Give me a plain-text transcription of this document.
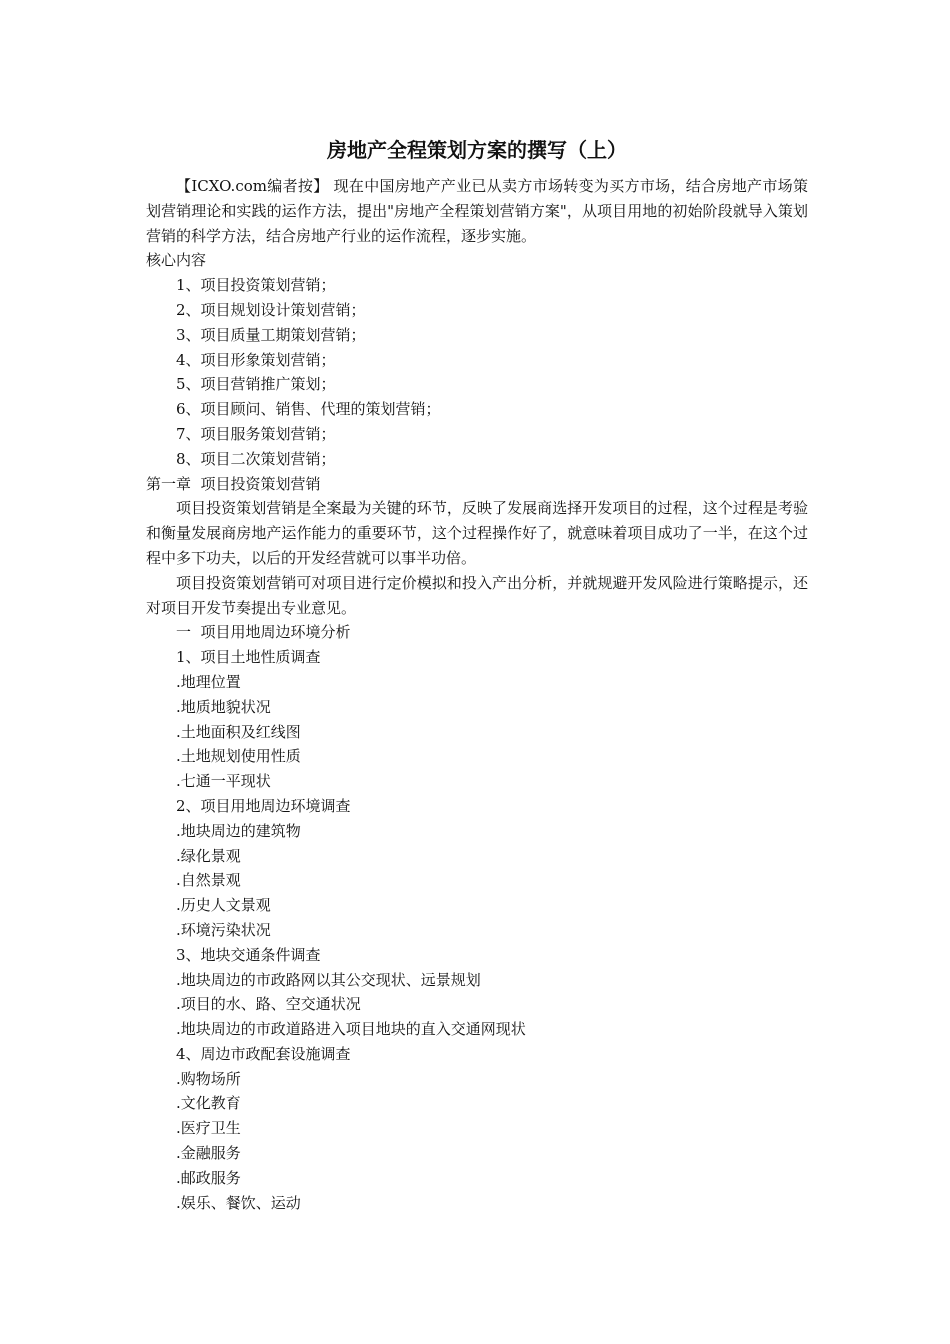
房地产全程策划方案的撰写（上）

【ICXO.com编者按】 现在中国房地产产业已从卖方市场转变为买方市场，结合房地产市场策划营销理论和实践的运作方法，提出"房地产全程策划营销方案"，从项目用地的初始阶段就导入策划营销的科学方法，结合房地产行业的运作流程，逐步实施。

核心内容

1、项目投资策划营销；

2、项目规划设计策划营销；

3、项目质量工期策划营销；

4、项目形象策划营销；

5、项目营销推广策划；

6、项目顾问、销售、代理的策划营销；

7、项目服务策划营销；

8、项目二次策划营销；

第一章  项目投资策划营销

项目投资策划营销是全案最为关键的环节，反映了发展商选择开发项目的过程，这个过程是考验和衡量发展商房地产运作能力的重要环节，这个过程操作好了，就意味着项目成功了一半，在这个过程中多下功夫，以后的开发经营就可以事半功倍。

项目投资策划营销可对项目进行定价模拟和投入产出分析，并就规避开发风险进行策略提示，还对项目开发节奏提出专业意见。

一  项目用地周边环境分析

1、项目土地性质调查

.地理位置

.地质地貌状况

.土地面积及红线图

.土地规划使用性质

.七通一平现状

2、项目用地周边环境调查

.地块周边的建筑物

.绿化景观

.自然景观

.历史人文景观

.环境污染状况

3、地块交通条件调查

.地块周边的市政路网以其公交现状、远景规划

.项目的水、路、空交通状况

.地块周边的市政道路进入项目地块的直入交通网现状

4、周边市政配套设施调查

.购物场所

.文化教育

.医疗卫生

.金融服务

.邮政服务

.娱乐、餐饮、运动
